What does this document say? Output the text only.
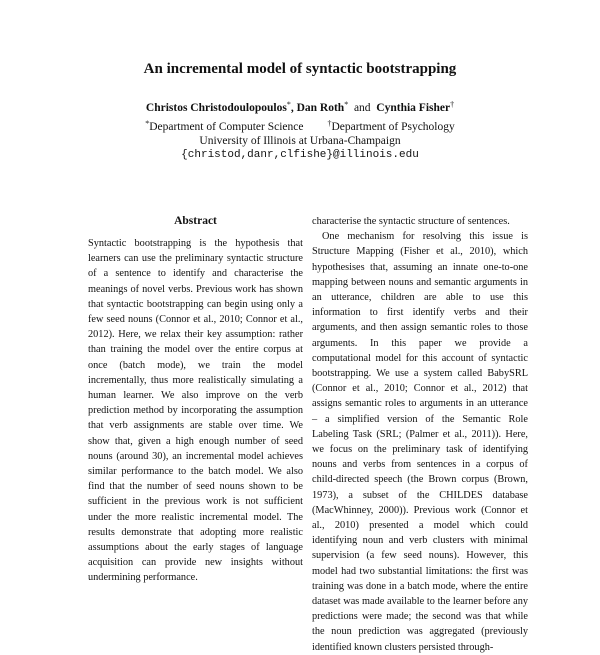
An incremental model of syntactic bootstrapping
Christos Christodoulopoulos*, Dan Roth* and Cynthia Fisher†
*Department of Computer Science	†Department of Psychology
University of Illinois at Urbana-Champaign
{christod,danr,clfishe}@illinois.edu
Abstract

Syntactic bootstrapping is the hypothesis that learners can use the preliminary syntactic structure of a sentence to identify and characterise the meanings of novel verbs. Previous work has shown that syntactic bootstrapping can begin using only a few seed nouns (Connor et al., 2010; Connor et al., 2012). Here, we relax their key assumption: rather than training the model over the entire corpus at once (batch mode), we train the model incrementally, thus more realistically simulating a human learner. We also improve on the verb prediction method by incorporating the assumption that verb assignments are stable over time. We show that, given a high enough number of seed nouns (around 30), an incremental model achieves similar performance to the batch model. We also find that the number of seed nouns shown to be sufficient in the previous work is not sufficient under the more realistic incremental model. The results demonstrate that adopting more realistic assumptions about the early stages of language acquisition can provide new insights without undermining performance.

characterise the syntactic structure of sentences.

One mechanism for resolving this issue is Structure Mapping (Fisher et al., 2010), which hypothesises that, assuming an innate one-to-one mapping between nouns and semantic arguments in an utterance, children are able to use this information to first identify verbs and their arguments, and then assign semantic roles to those arguments. In this paper we provide a computational model for this account of syntactic bootstrapping. We use a system called BabySRL (Connor et al., 2010; Connor et al., 2012) that assigns semantic roles to arguments in an utterance – a simplified version of the Semantic Role Labeling Task (SRL; (Palmer et al., 2011)). Here, we focus on the preliminary task of identifying nouns and verbs from sentences in a corpus of child-directed speech (the Brown corpus (Brown, 1973), a subset of the CHILDES database (MacWhinney, 2000)). Previous work (Connor et al., 2010) presented a model which could identifying noun and verb clusters with minimal supervision (a few seed nouns). However, this model had two substantial limitations: the first was training was done in a batch mode, where the entire dataset was made available to the learner before any predictions were made; the second was that while the noun prediction was aggregated (previously identified known clusters persisted through-
